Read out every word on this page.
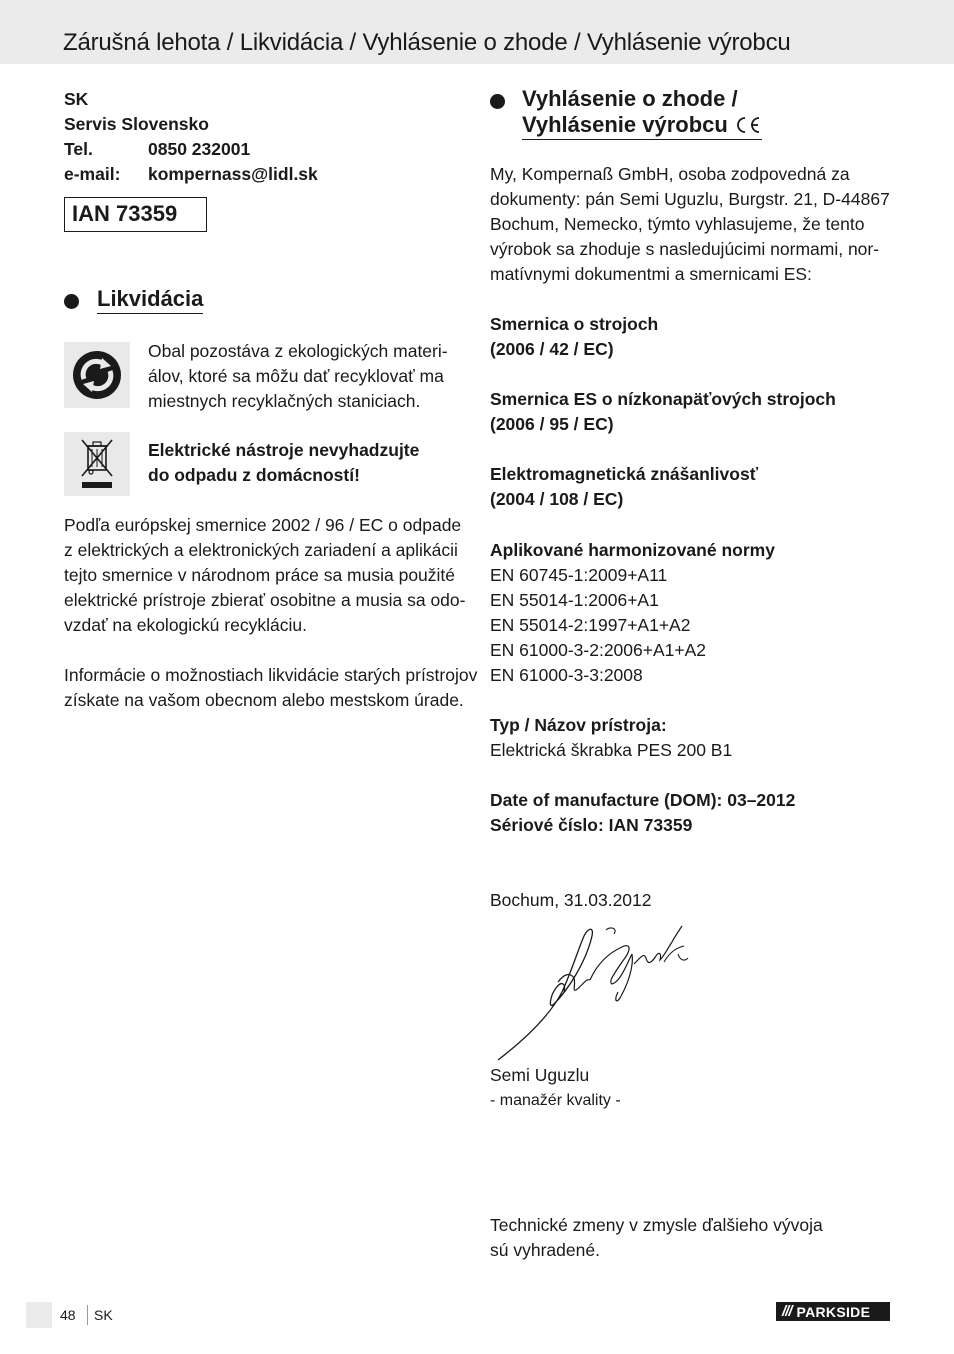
Zárušná lehota / Likvidácia / Vyhlásenie o zhode / Vyhlásenie výrobcu
SK
Servis Slovensko
Tel.	0850 232001
e-mail:	kompernass@lidl.sk
IAN 73359
Likvidácia
Obal pozostáva z ekologických materi-
álov, ktoré sa môžu dať recyklovať ma
miestnych recyklačných staniciach.
Elektrické nástroje nevyhadzujte
do odpadu z domácností!
Podľa európskej smernice 2002 / 96 / EC o odpade
z elektrických a elektronických zariadení a aplikácii
tejto smernice v národnom práce sa musia použité
elektrické prístroje zbierať osobitne a musia sa odo-
vzdať na ekologickú recykláciu.
Informácie o možnostiach likvidácie starých prístrojov
získate na vašom obecnom alebo mestskom úrade.
Vyhlásenie o zhode /
Vyhlásenie výrobcu
My, Kompernaß GmbH, osoba zodpovedná za
dokumenty: pán Semi Uguzlu, Burgstr. 21, D-44867
Bochum, Nemecko, týmto vyhlasujeme, že tento
výrobok sa zhoduje s nasledujúcimi normami, nor-
matívnymi dokumentmi a smernicami ES:
Smernica o strojoch
(2006 / 42 / EC)
Smernica ES o nízkonapäťových strojoch
(2006 / 95 / EC)
Elektromagnetická znášanlivosť
(2004 / 108 / EC)
Aplikované harmonizované normy
EN 60745-1:2009+A11
EN 55014-1:2006+A1
EN 55014-2:1997+A1+A2
EN 61000-3-2:2006+A1+A2
EN 61000-3-3:2008
Typ / Názov prístroja:
Elektrická škrabka PES 200 B1
Date of manufacture (DOM): 03–2012
Sériové číslo: IAN 73359
Bochum, 31.03.2012
Semi Uguzlu
- manažér kvality -
Technické zmeny v zmysle ďalšieho vývoja
sú vyhradené.
48 SK	/// PARKSIDE
